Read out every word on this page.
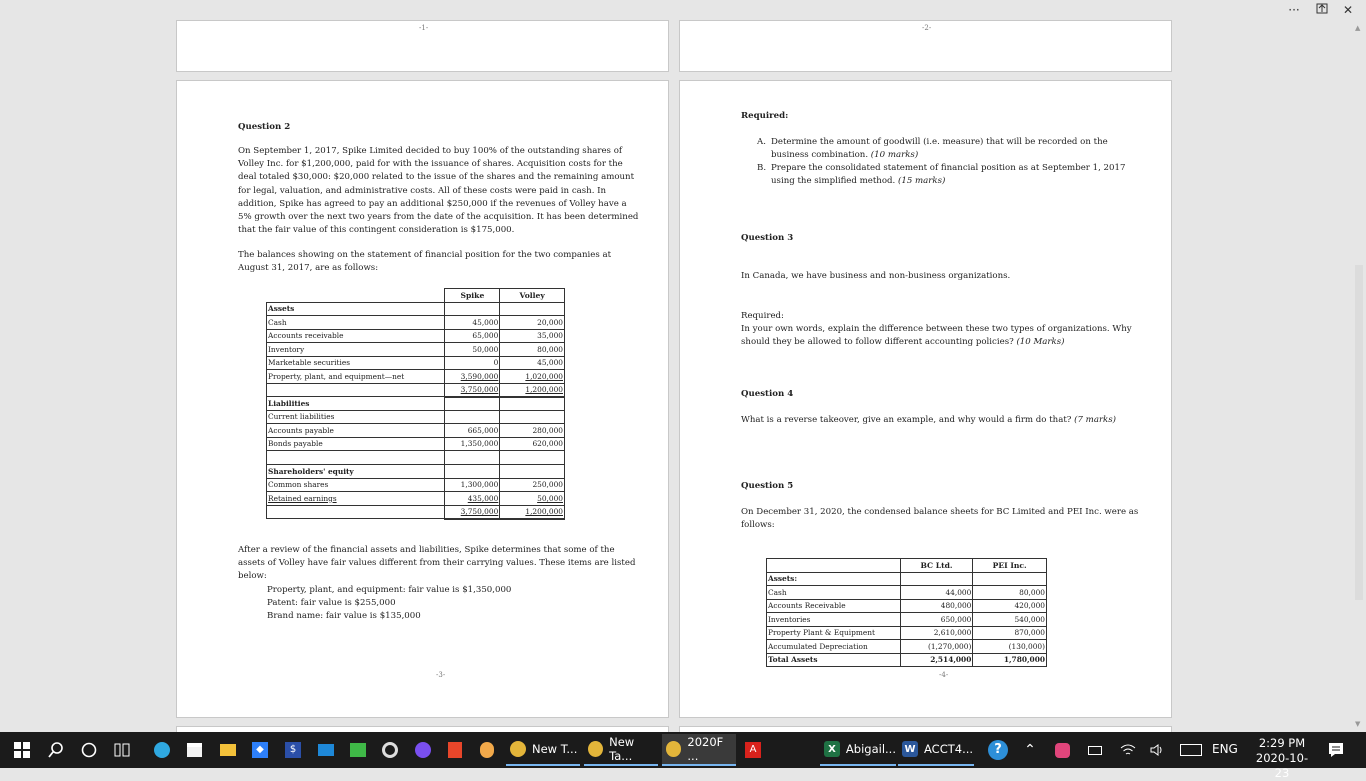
···	✕
-1-	-2-
Question 2
On September 1, 2017, Spike Limited decided to buy 100% of the outstanding shares of Volley Inc. for $1,200,000, paid for with the issuance of shares. Acquisition costs for the deal totaled $30,000: $20,000 related to the issue of the shares and the remaining amount for legal, valuation, and administrative costs. All of these costs were paid in cash. In addition, Spike has agreed to pay an additional $250,000 if the revenues of Volley have a 5% growth over the next two years from the date of the acquisition. It has been determined that the fair value of this contingent consideration is $175,000.
The balances showing on the statement of financial position for the two companies at August 31, 2017, are as follows:
	Spike	Volley
Assets		
Cash	45,000	20,000
Accounts receivable	65,000	35,000
Inventory	50,000	80,000
Marketable securities	0	45,000
Property, plant, and equipment—net	3,590,000	1,020,000
	3,750,000	1,200,000
Liabilities		
Current liabilities		
Accounts payable	665,000	280,000
Bonds payable	1,350,000	620,000

Shareholders' equity		
Common shares	1,300,000	250,000
Retained earnings	435,000	50,000
	3,750,000	1,200,000
After a review of the financial assets and liabilities, Spike determines that some of the assets of Volley have fair values different from their carrying values. These items are listed below:
Property, plant, and equipment: fair value is $1,350,000
Patent: fair value is $255,000
Brand name: fair value is $135,000
-3-
Required:
A. Determine the amount of goodwill (i.e. measure) that will be recorded on the business combination. (10 marks)
B. Prepare the consolidated statement of financial position as at September 1, 2017 using the simplified method. (15 marks)
Question 3
In Canada, we have business and non-business organizations.
Required:
In your own words, explain the difference between these two types of organizations. Why should they be allowed to follow different accounting policies? (10 Marks)
Question 4
What is a reverse takeover, give an example, and why would a firm do that? (7 marks)
Question 5
On December 31, 2020, the condensed balance sheets for BC Limited and PEI Inc. were as follows:
	BC Ltd.	PEI Inc.
Assets:		
Cash	44,000	80,000
Accounts Receivable	480,000	420,000
Inventories	650,000	540,000
Property Plant & Equipment	2,610,000	870,000
Accumulated Depreciation	(1,270,000)	(130,000)
Total Assets	2,514,000	1,780,000
-4-
▲
▼
◆	$	New T...	New Ta...
2020F ...	A	X Abigail... W ACCT4...	?	⌃	ENG	2:29 PM
2020-10-23
